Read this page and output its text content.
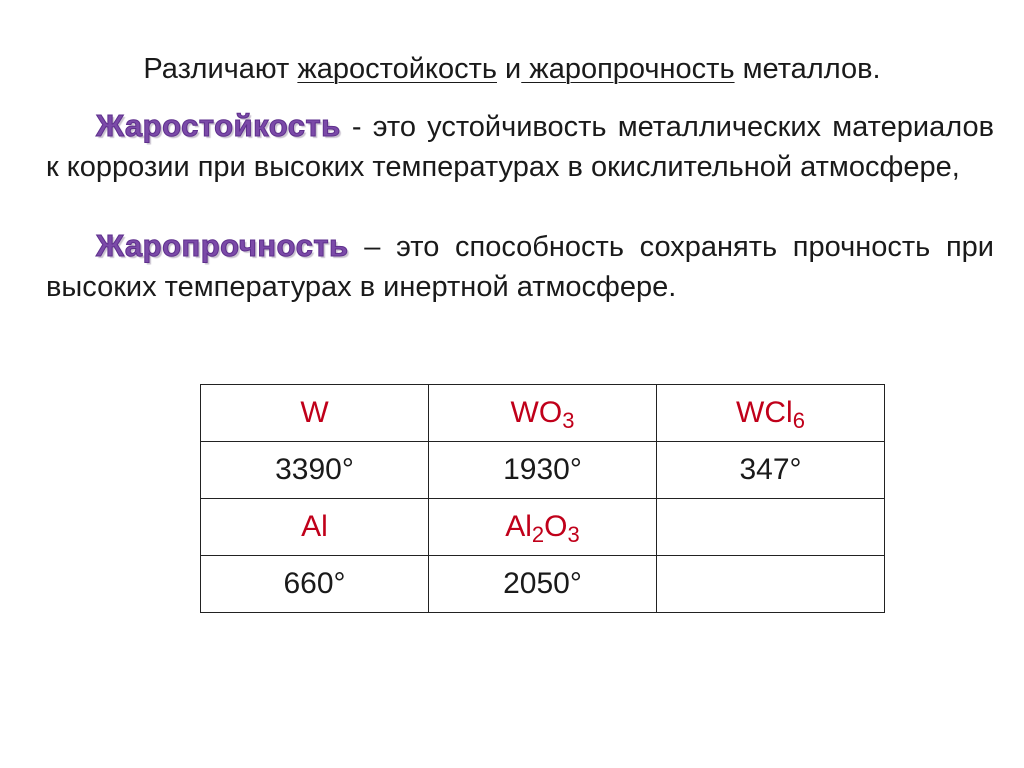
Различают жаростойкость и жаропрочность металлов.
Жаростойкость - это устойчивость металлических материалов к коррозии при высоких температурах в окислительной атмосфере,
Жаропрочность – это способность сохранять прочность при высоких температурах в инертной атмосфере.
W	$WO_3$	WCl$_6$
3390°	1930°	347°
Al	$Al_2O_3$	
660°	2050°	
